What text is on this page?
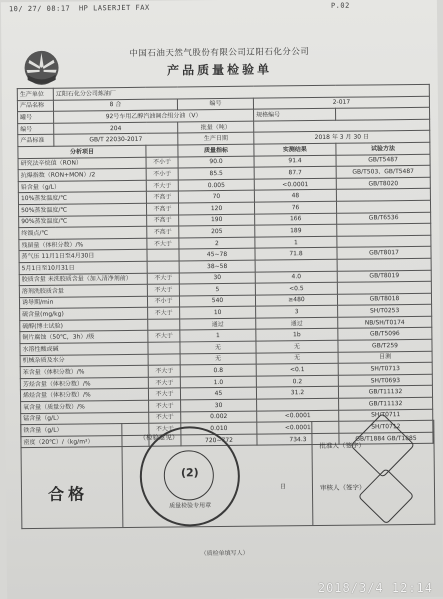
10/ 27/ 08:17 HP LASERJET FAX	P.02
中国石油天然气股份有限公司辽阳石化分公司
产品质量检验单
生产单位	辽阳石化分公司炼油厂				
产品名称	8 合		编号	2-017	
罐号	92号车用乙醇汽油调合组分油（V）			规格编号	
编号	204		批量（吨）		
产品标准	GB/T 22030-2017		生产日期	2018 年 3 月 30 日	
分析项目			质量指标	实测结果	试验方法
研究法辛烷值（RON）		不小于	90.0	91.4	GB/T5487
抗爆指数（RON+MON）/2		不小于	85.5	87.7	GB/T503、GB/T5487
铅含量（g/L）		不大于	0.005	<0.0001	GB/T8020
10%蒸发温度/℃		不高于	70	48	
50%蒸发温度/℃		不高于	120	76	
90%蒸发温度/℃		不高于	190	166	GB/T6536
终馏点/℃		不高于	205	189	
残留量（体积分数）/%		不大于	2	1	
蒸气压 11月1日至4月30日			45~78	71.8	GB/T8017
5月1日至10月31日			38~58		
胶质含量 未洗胶质含量（加入清净剂前）		不大于	30	4.0	GB/T8019
溶剂洗胶质含量		不大于	5	<0.5	
诱导期/min		不小于	540	≥480	GB/T8018
硫含量(mg/kg)		不大于	10	3	SH/T0253
硫醇(博士试验)			通过	通过	NB/SH/T0174
铜片腐蚀（50℃，3h）/级		不大于	1	1b	GB/T5096
水溶性酸或碱			无	无	GB/T259
机械杂质及水分			无	无	目测
苯含量（体积分数）/%		不大于	0.8	<0.1	SH/T0713
芳烃含量（体积分数）/%		不大于	1.0	0.2	SH/T0693
烯烃含量（体积分数）/%		不大于	45	31.2	GB/T11132
氧含量（质量分数）/%		不大于	30		GB/T11132
锰含量（g/L）		不大于	0.002	<0.0001	SH/T0711
铁含量（g/L）		不大于	0.010	<0.0001	SH/T0712
密度（20℃）/（kg/m³）			720~772	734.3	GB/T1884 GB/T1885
合格
（检验意见）
(2)
质量检验专用章
日
批准人（签字）
审核人（签字）
（质检单填写人）
2018/3/4 12:14
